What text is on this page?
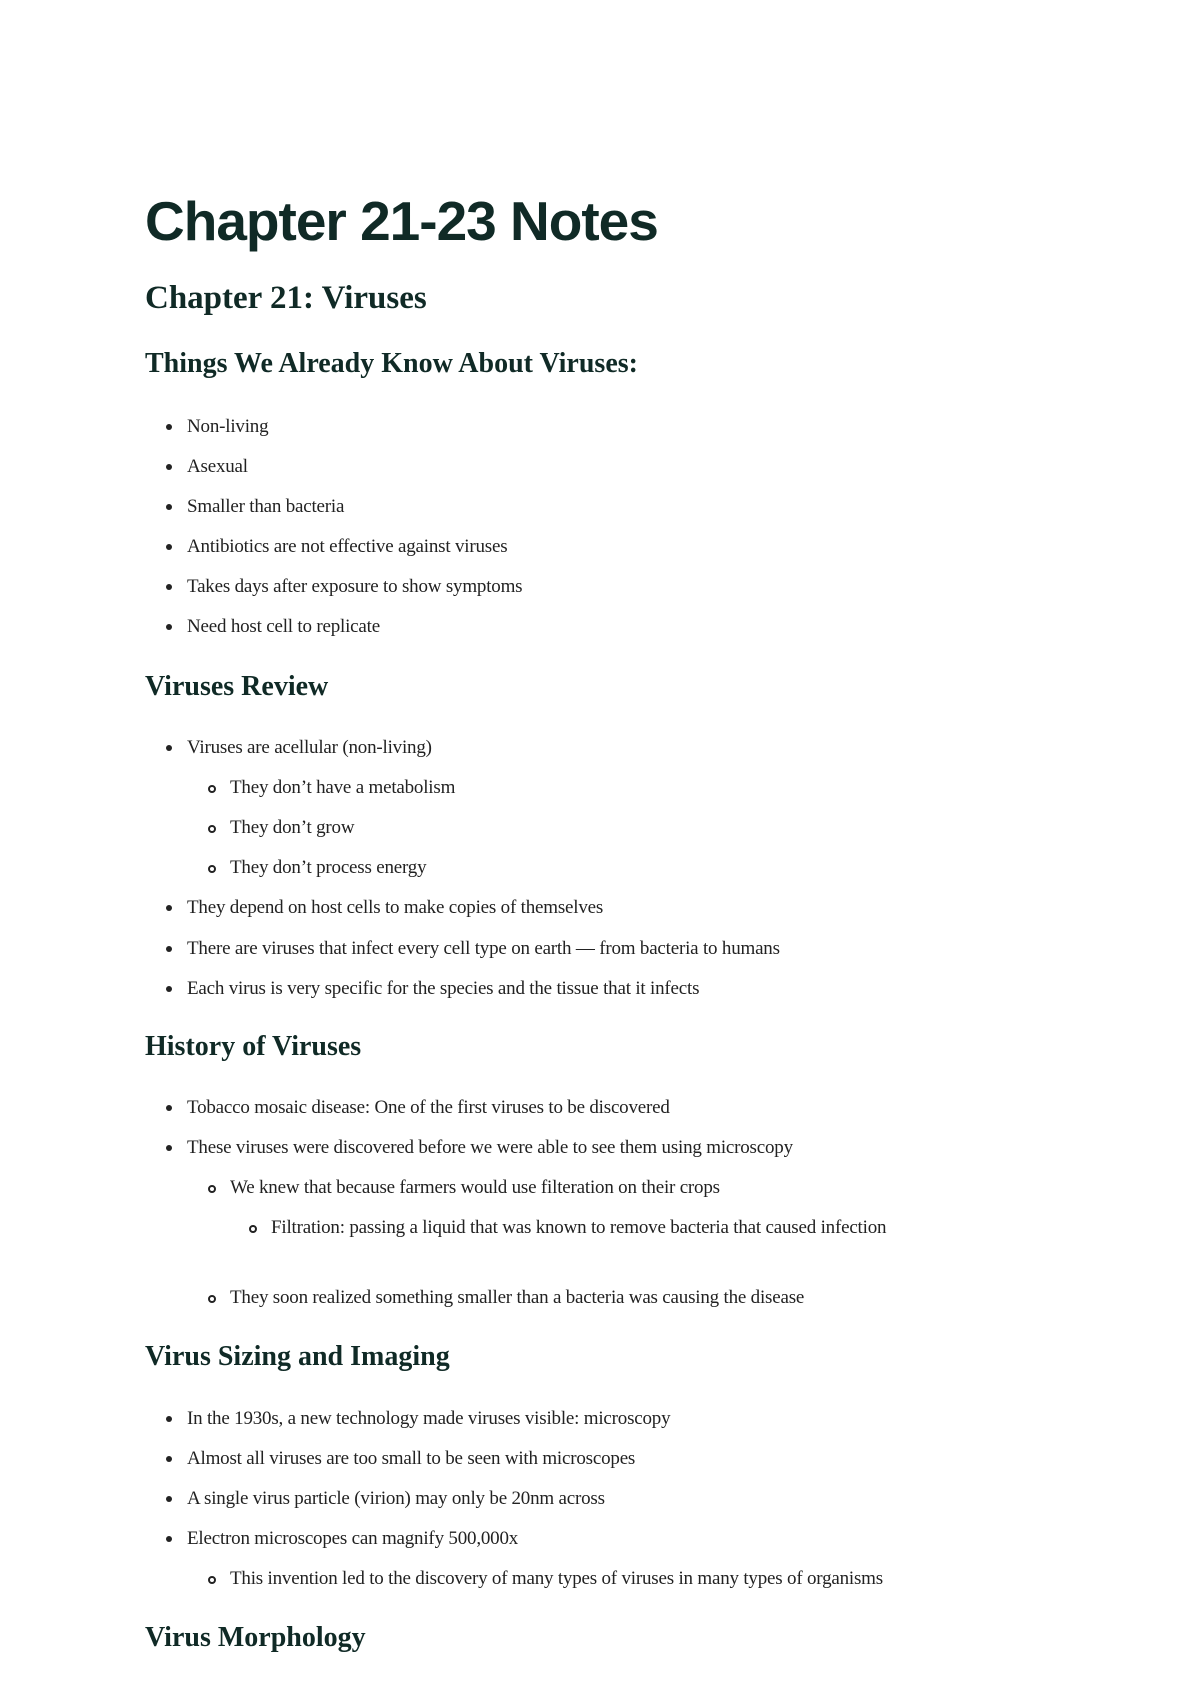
Chapter 21-23 Notes
Chapter 21: Viruses
Things We Already Know About Viruses:

Non-living

Asexual

Smaller than bacteria

Antibiotics are not effective against viruses

Takes days after exposure to show symptoms

Need host cell to replicate

Viruses Review

Viruses are acellular (non-living)

They don’t have a metabolism

They don’t grow

They don’t process energy

They depend on host cells to make copies of themselves

There are viruses that infect every cell type on earth — from bacteria to humans

Each virus is very specific for the species and the tissue that it infects

History of Viruses

Tobacco mosaic disease: One of the first viruses to be discovered

These viruses were discovered before we were able to see them using microscopy

We knew that because farmers would use filteration on their crops

Filtration: passing a liquid that was known to remove bacteria that caused infection

They soon realized something smaller than a bacteria was causing the disease

Virus Sizing and Imaging

In the 1930s, a new technology made viruses visible: microscopy

Almost all viruses are too small to be seen with microscopes

A single virus particle (virion) may only be 20nm across

Electron microscopes can magnify 500,000x

This invention led to the discovery of many types of viruses in many types of organisms

Virus Morphology
